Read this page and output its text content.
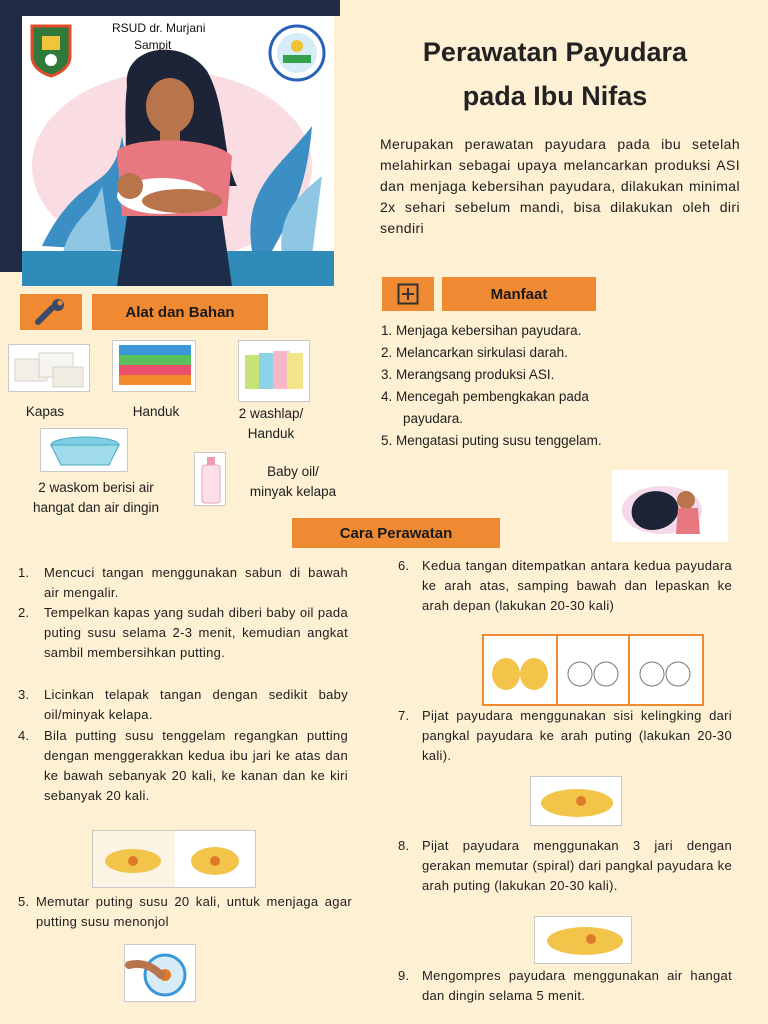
RSUD dr. Murjani
Sampit	Perawatan Payudara
pada Ibu Nifas
Merupakan perawatan payudara pada ibu setelah melahirkan sebagai upaya melancarkan produksi ASI dan menjaga kebersihan payudara, dilakukan minimal 2x sehari sebelum mandi, bisa dilakukan oleh diri sendiri
Manfaat
1. Menjaga kebersihan payudara.
2. Melancarkan sirkulasi darah.
3. Merangsang produksi ASI.
4. Mencegah pembengkakan pada
payudara.
5. Mengatasi puting susu tenggelam.
Alat dan Bahan
Kapas	Handuk	2 washlap/
Handuk
Baby oil/
minyak kelapa
2 waskom berisi air
hangat dan air dingin
Cara Perawatan
1.	Mencuci tangan menggunakan sabun di bawah air mengalir.
2.	Tempelkan kapas yang sudah diberi baby oil pada puting susu selama 2-3 menit, kemudian angkat sambil membersihkan putting.
3.	Licinkan telapak tangan dengan sedikit baby oil/minyak kelapa.
4.	Bila putting susu tenggelam regangkan putting dengan menggerakkan kedua ibu jari ke atas dan ke bawah sebanyak 20 kali, ke kanan dan ke kiri sebanyak 20 kali.
5. Memutar puting susu 20 kali, untuk menjaga agar putting susu menonjol
6. Kedua tangan ditempatkan antara kedua payudara ke arah atas, samping bawah dan lepaskan ke arah depan (lakukan 20-30 kali)
7. Pijat payudara menggunakan sisi kelingking dari pangkal payudara ke arah puting (lakukan 20-30 kali).
8. Pijat payudara menggunakan 3 jari dengan gerakan memutar (spiral) dari pangkal payudara ke arah puting (lakukan 20-30 kali).
9. Mengompres payudara menggunakan air hangat dan dingin selama 5 menit.
